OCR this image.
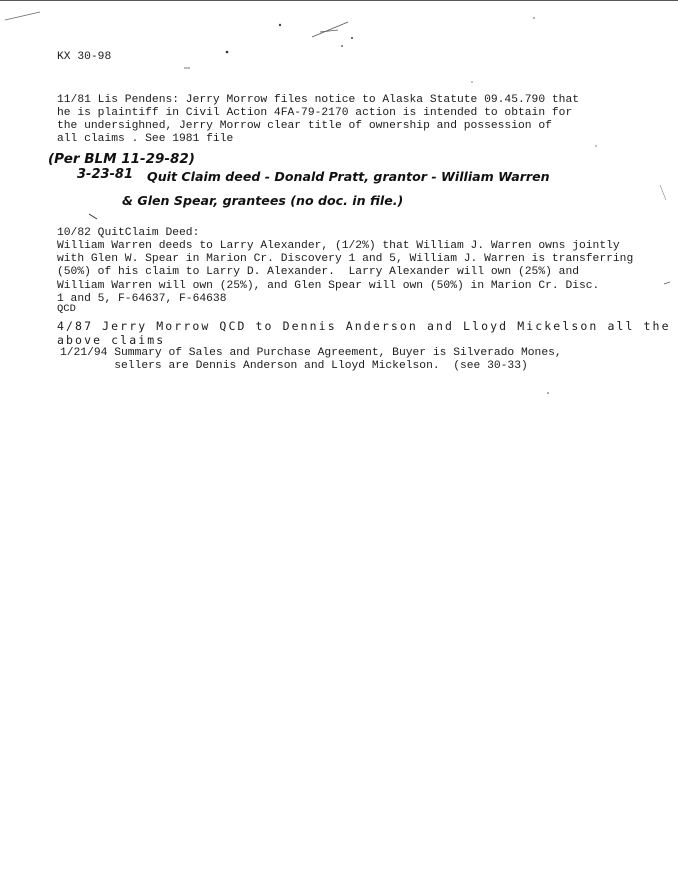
KX 30-98
11/81 Lis Pendens: Jerry Morrow files notice to Alaska Statute 09.45.790 that
he is plaintiff in Civil Action 4FA-79-2170 action is intended to obtain for
the undersighned, Jerry Morrow clear title of ownership and possession of
all claims . See 1981 file
(Per BLM 11-29-82)
3-23-81 Quit Claim deed - Donald Pratt, grantor - William Warren
& Glen Spear, grantees (no doc. in file.)
10/82 QuitClaim Deed:
William Warren deeds to Larry Alexander, (1/2%) that William J. Warren owns jointly
with Glen W. Spear in Marion Cr. Discovery 1 and 5, William J. Warren is transferring
(50%) of his claim to Larry D. Alexander.  Larry Alexander will own (25%) and
William Warren will own (25%), and Glen Spear will own (50%) in Marion Cr. Disc.
1 and 5, F-64637, F-64638
QCD
4/87 Jerry Morrow QCD to Dennis Anderson and Lloyd Mickelson all the
above claims
1/21/94 Summary of Sales and Purchase Agreement, Buyer is Silverado Mones,
sellers are Dennis Anderson and Lloyd Mickelson.  (see 30-33)
